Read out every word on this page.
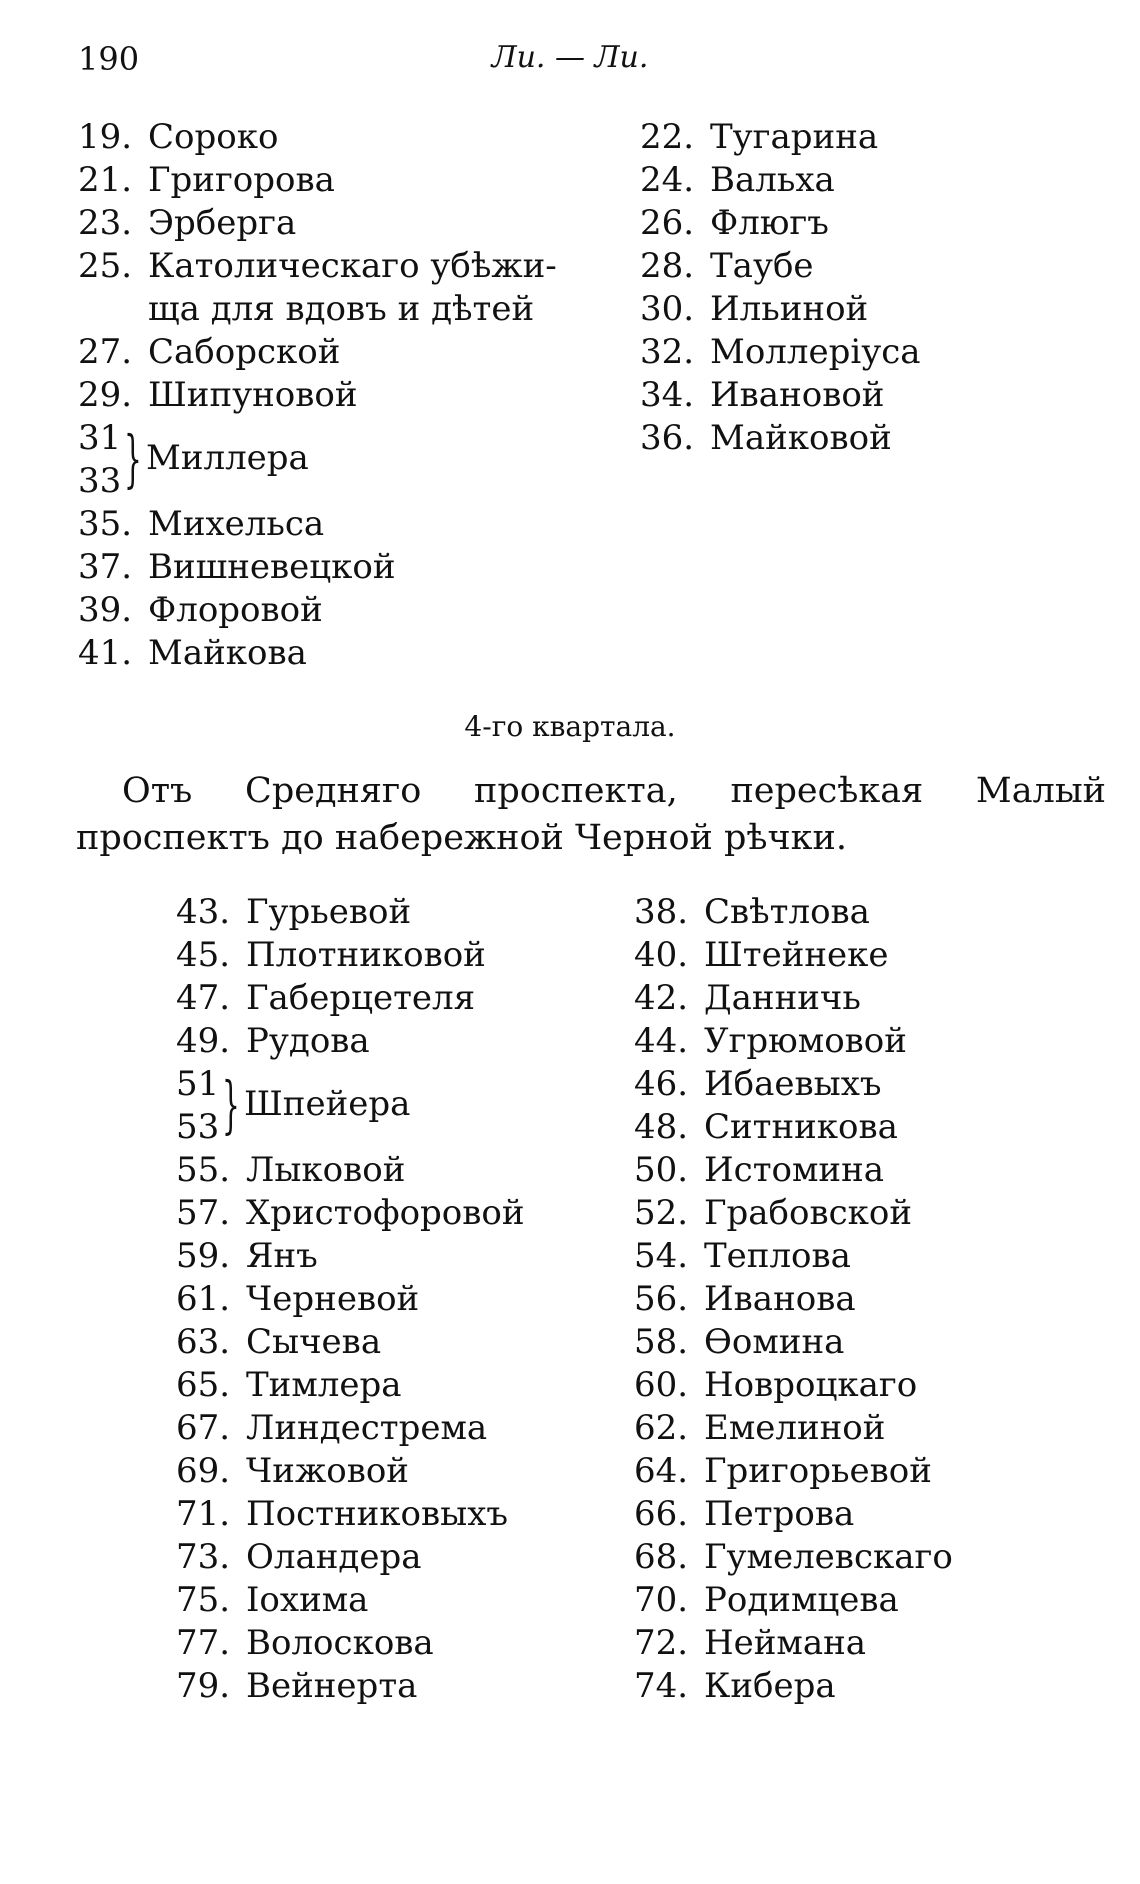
190	Ли. — Ли.
19. Сороко
21. Григорова
23. Эрберга
25. Католическаго убѣжи-
ща для вдовъ и дѣтей
27. Саборской
29. Шипуновой
31
33 } Миллера
35. Михельса
37. Вишневецкой
39. Флоровой
41. Майкова
22. Тугарина
24. Вальха
26. Флюгъ
28. Таубе
30. Ильиной
32. Моллеріуса
34. Ивановой
36. Майковой
4-го квартала.
Отъ Средняго проспекта, пересѣкая Малый проспектъ до набережной Черной рѣчки.
43. Гурьевой
45. Плотниковой
47. Габерцетеля
49. Рудова
51
53 } Шпейера
55. Лыковой
57. Христофоровой
59. Янъ
61. Черневой
63. Сычева
65. Тимлера
67. Линдестрема
69. Чижовой
71. Постниковыхъ
73. Оландера
75. Іохима
77. Волоскова
79. Вейнерта
38. Свѣтлова
40. Штейнеке
42. Данничь
44. Угрюмовой
46. Ибаевыхъ
48. Ситникова
50. Истомина
52. Грабовской
54. Теплова
56. Иванова
58. Ѳомина
60. Новроцкаго
62. Емелиной
64. Григорьевой
66. Петрова
68. Гумелевскаго
70. Родимцева
72. Неймана
74. Кибера
